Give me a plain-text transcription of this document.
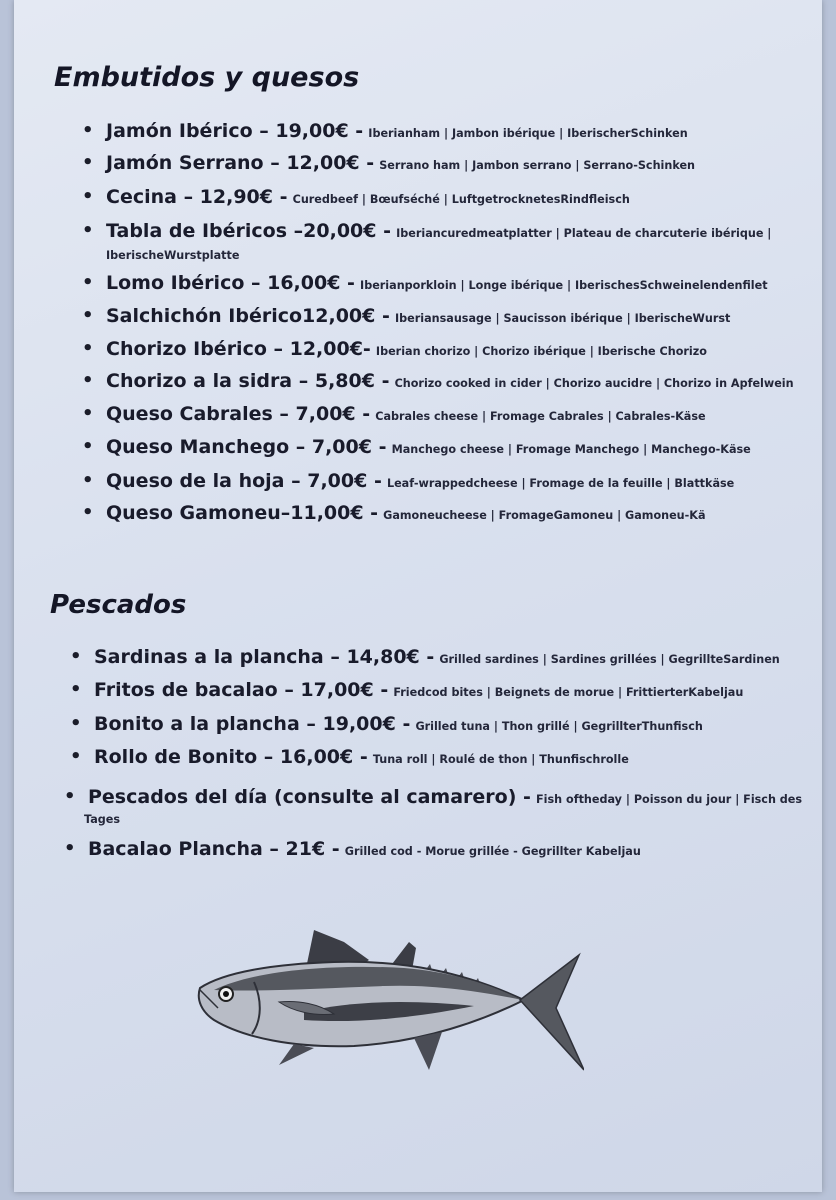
Embutidos y quesos
• Jamón Ibérico – 19,00€ - Iberianham | Jambon ibérique | IberischerSchinken
• Jamón Serrano – 12,00€ - Serrano ham | Jambon serrano | Serrano-Schinken
• Cecina – 12,90€ - Curedbeef | Bœufséché | LuftgetrocknetesRindfleisch
• Tabla de Ibéricos –20,00€ - Iberiancuredmeatplatter | Plateau de charcuterie ibérique |
IberischeWurstplatte
• Lomo Ibérico – 16,00€ - Iberianporkloin | Longe ibérique | IberischesSchweinelendenfilet
• Salchichón Ibérico12,00€ - Iberiansausage | Saucisson ibérique | IberischeWurst
• Chorizo Ibérico – 12,00€- Iberian chorizo | Chorizo ibérique | Iberische Chorizo
• Chorizo a la sidra – 5,80€ - Chorizo cooked in cider | Chorizo aucidre | Chorizo in Apfelwein
• Queso Cabrales – 7,00€ - Cabrales cheese | Fromage Cabrales | Cabrales-Käse
• Queso Manchego – 7,00€ - Manchego cheese | Fromage Manchego | Manchego-Käse
• Queso de la hoja – 7,00€ - Leaf-wrappedcheese | Fromage de la feuille | Blattkäse
• Queso Gamoneu–11,00€ - Gamoneucheese | FromageGamoneu | Gamoneu-Kä
Pescados
• Sardinas a la plancha – 14,80€ - Grilled sardines | Sardines grillées | GegrillteSardinen
• Fritos de bacalao – 17,00€ - Friedcod bites | Beignets de morue | FrittierterKabeljau
• Bonito a la plancha – 19,00€ - Grilled tuna | Thon grillé | GegrillterThunfisch
• Rollo de Bonito – 16,00€ - Tuna roll | Roulé de thon | Thunfischrolle
• Pescados del día (consulte al camarero) - Fish oftheday | Poisson du jour | Fisch des
Tages
• Bacalao Plancha – 21€ - Grilled cod - Morue grillée - Gegrillter Kabeljau
